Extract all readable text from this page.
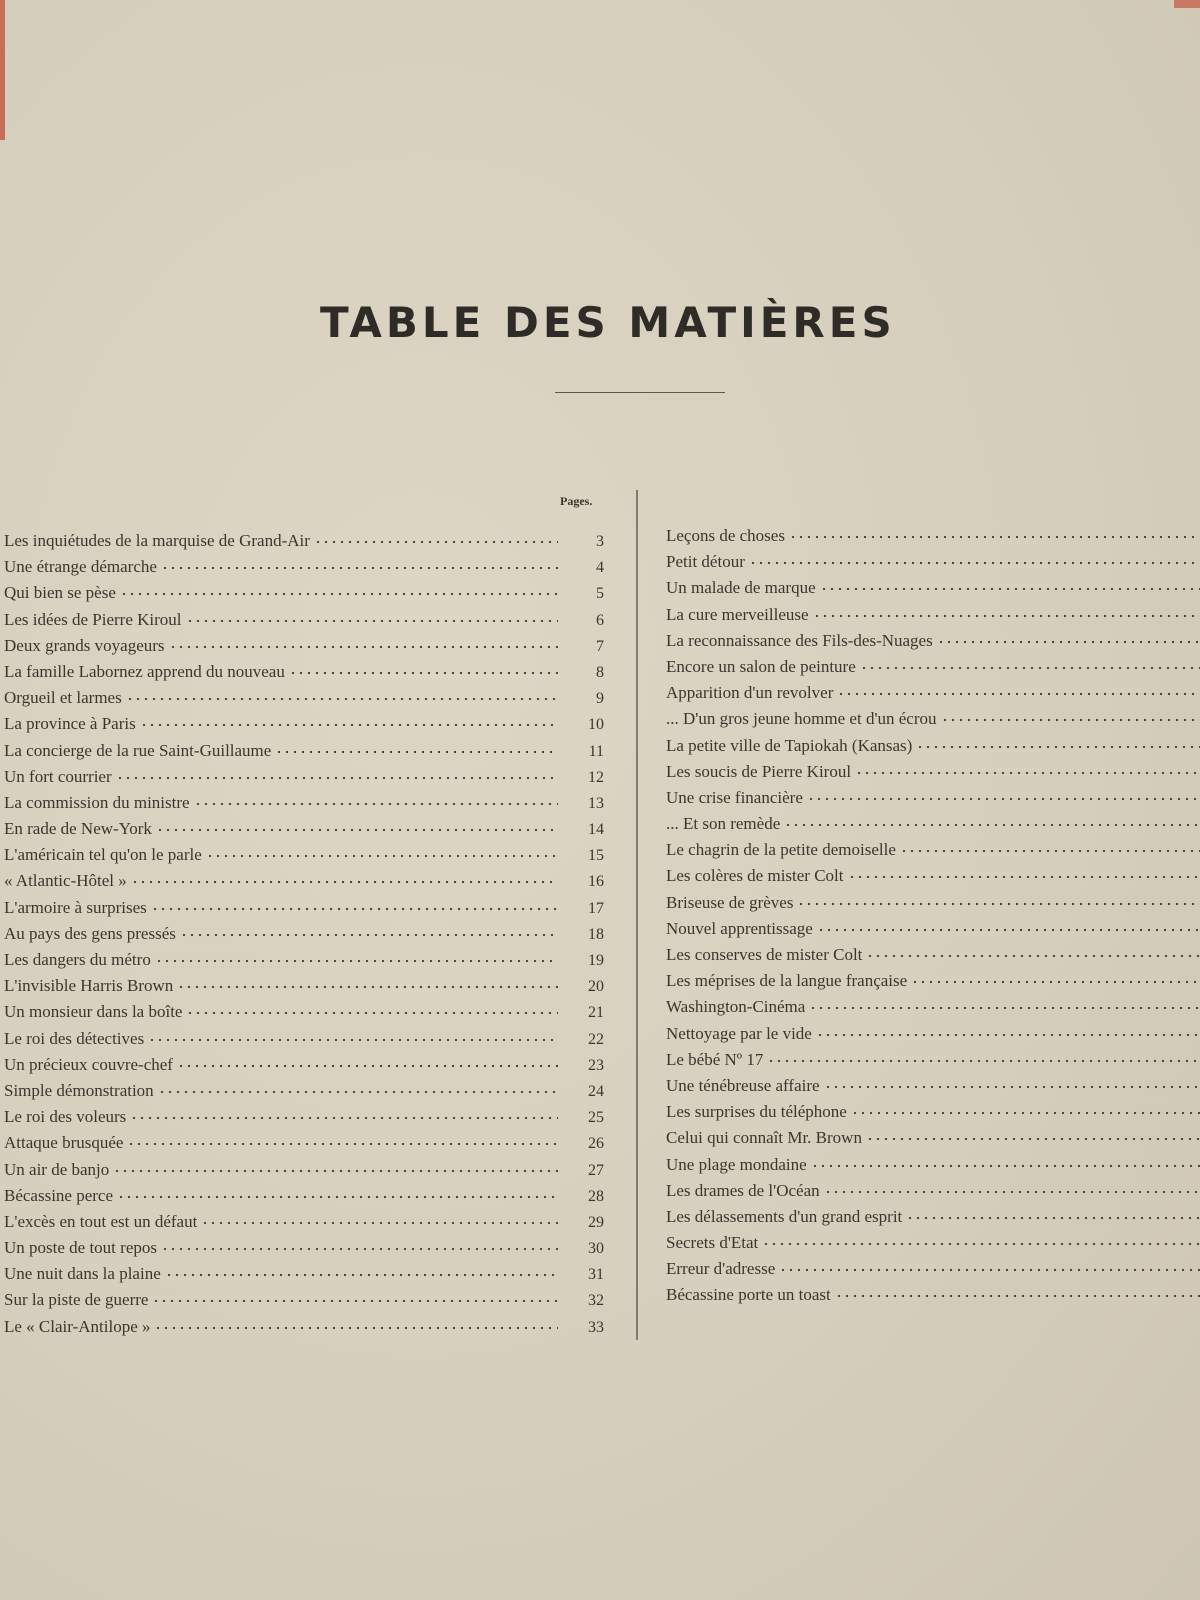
TABLE DES MATIÈRES
Pages.
Les inquiétudes de la marquise de Grand-Air	3
Une étrange démarche	4
Qui bien se pèse	5
Les idées de Pierre Kiroul	6
Deux grands voyageurs	7
La famille Labornez apprend du nouveau	8
Orgueil et larmes	9
La province à Paris	10
La concierge de la rue Saint-Guillaume	11
Un fort courrier	12
La commission du ministre	13
En rade de New-York	14
L'américain tel qu'on le parle	15
« Atlantic-Hôtel »	16
L'armoire à surprises	17
Au pays des gens pressés	18
Les dangers du métro	19
L'invisible Harris Brown	20
Un monsieur dans la boîte	21
Le roi des détectives	22
Un précieux couvre-chef	23
Simple démonstration	24
Le roi des voleurs	25
Attaque brusquée	26
Un air de banjo	27
Bécassine perce	28
L'excès en tout est un défaut	29
Un poste de tout repos	30
Une nuit dans la plaine	31
Sur la piste de guerre	32
Le « Clair-Antilope »	33
Leçons de choses
Petit détour
Un malade de marque
La cure merveilleuse
La reconnaissance des Fils-des-Nuages
Encore un salon de peinture
Apparition d'un revolver
... D'un gros jeune homme et d'un écrou
La petite ville de Tapiokah (Kansas)
Les soucis de Pierre Kiroul
Une crise financière
... Et son remède
Le chagrin de la petite demoiselle
Les colères de mister Colt
Briseuse de grèves
Nouvel apprentissage
Les conserves de mister Colt
Les méprises de la langue française
Washington-Cinéma
Nettoyage par le vide
Le bébé Nº 17
Une ténébreuse affaire
Les surprises du téléphone
Celui qui connaît Mr. Brown
Une plage mondaine
Les drames de l'Océan
Les délassements d'un grand esprit
Secrets d'Etat
Erreur d'adresse
Bécassine porte un toast
